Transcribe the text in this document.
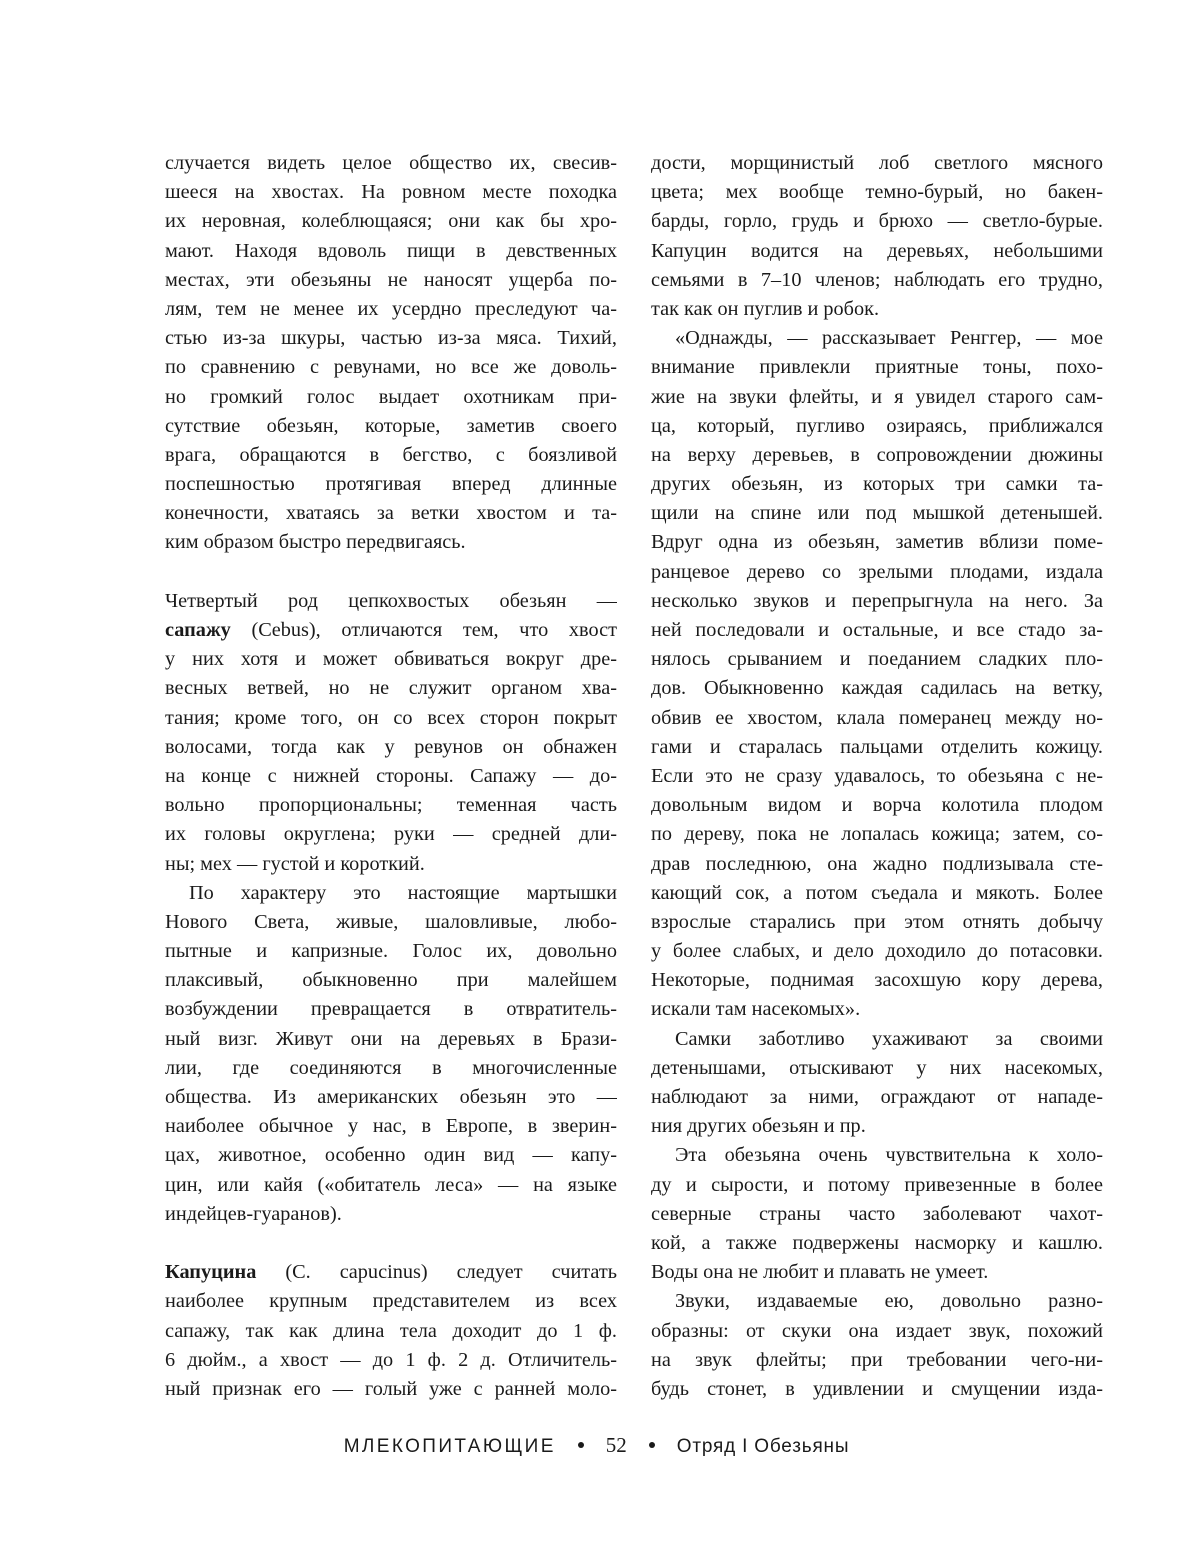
случается видеть целое общество их, свесив-
шееся на хвостах. На ровном месте походка
их неровная, колеблющаяся; они как бы хро-
мают. Находя вдоволь пищи в девственных
местах, эти обезьяны не наносят ущерба по-
лям, тем не менее их усердно преследуют ча-
стью из-за шкуры, частью из-за мяса. Тихий,
по сравнению с ревунами, но все же доволь-
но громкий голос выдает охотникам при-
сутствие обезьян, которые, заметив своего
врага, обращаются в бегство, с боязливой
поспешностью протягивая вперед длинные
конечности, хватаясь за ветки хвостом и та-
ким образом быстро передвигаясь.
Четвертый род цепкохвостых обезьян —
сапажу (Cebus), отличаются тем, что хвост
у них хотя и может обвиваться вокруг дре-
весных ветвей, но не служит органом хва-
тания; кроме того, он со всех сторон покрыт
волосами, тогда как у ревунов он обнажен
на конце с нижней стороны. Сапажу — до-
вольно пропорциональны; теменная часть
их головы округлена; руки — средней дли-
ны; мех — густой и короткий.
По характеру это настоящие мартышки
Нового Света, живые, шаловливые, любо-
пытные и капризные. Голос их, довольно
плаксивый, обыкновенно при малейшем
возбуждении превращается в отвратитель-
ный визг. Живут они на деревьях в Брази-
лии, где соединяются в многочисленные
общества. Из американских обезьян это —
наиболее обычное у нас, в Европе, в зверин-
цах, животное, особенно один вид — капу-
цин, или кайя («обитатель леса» — на языке
индейцев-гуаранов).
Капуцина (C. capucinus) следует считать
наиболее крупным представителем из всех
сапажу, так как длина тела доходит до 1 ф.
6 дюйм., а хвост — до 1 ф. 2 д. Отличитель-
ный признак его — голый уже с ранней моло-
дости, морщинистый лоб светлого мясного
цвета; мех вообще темно-бурый, но бакен-
барды, горло, грудь и брюхо — светло-бурые.
Капуцин водится на деревьях, небольшими
семьями в 7–10 членов; наблюдать его трудно,
так как он пуглив и робок.
«Однажды, — рассказывает Ренггер, — мое
внимание привлекли приятные тоны, похо-
жие на звуки флейты, и я увидел старого сам-
ца, который, пугливо озираясь, приближался
на верху деревьев, в сопровождении дюжины
других обезьян, из которых три самки та-
щили на спине или под мышкой детенышей.
Вдруг одна из обезьян, заметив вблизи поме-
ранцевое дерево со зрелыми плодами, издала
несколько звуков и перепрыгнула на него. За
ней последовали и остальные, и все стадо за-
нялось срыванием и поеданием сладких пло-
дов. Обыкновенно каждая садилась на ветку,
обвив ее хвостом, клала померанец между но-
гами и старалась пальцами отделить кожицу.
Если это не сразу удавалось, то обезьяна с не-
довольным видом и ворча колотила плодом
по дереву, пока не лопалась кожица; затем, со-
драв последнюю, она жадно подлизывала сте-
кающий сок, а потом съедала и мякоть. Более
взрослые старались при этом отнять добычу
у более слабых, и дело доходило до потасовки.
Некоторые, поднимая засохшую кору дерева,
искали там насекомых».
Самки заботливо ухаживают за своими
детенышами, отыскивают у них насекомых,
наблюдают за ними, ограждают от нападе-
ния других обезьян и пр.
Эта обезьяна очень чувствительна к холо-
ду и сырости, и потому привезенные в более
северные страны часто заболевают чахот-
кой, а также подвержены насморку и кашлю.
Воды она не любит и плавать не умеет.
Звуки, издаваемые ею, довольно разно-
образны: от скуки она издает звук, похожий
на звук флейты; при требовании чего-ни-
будь стонет, в удивлении и смущении изда-
МЛЕКОПИТАЮЩИЕ 52	Отряд I Обезьяны
